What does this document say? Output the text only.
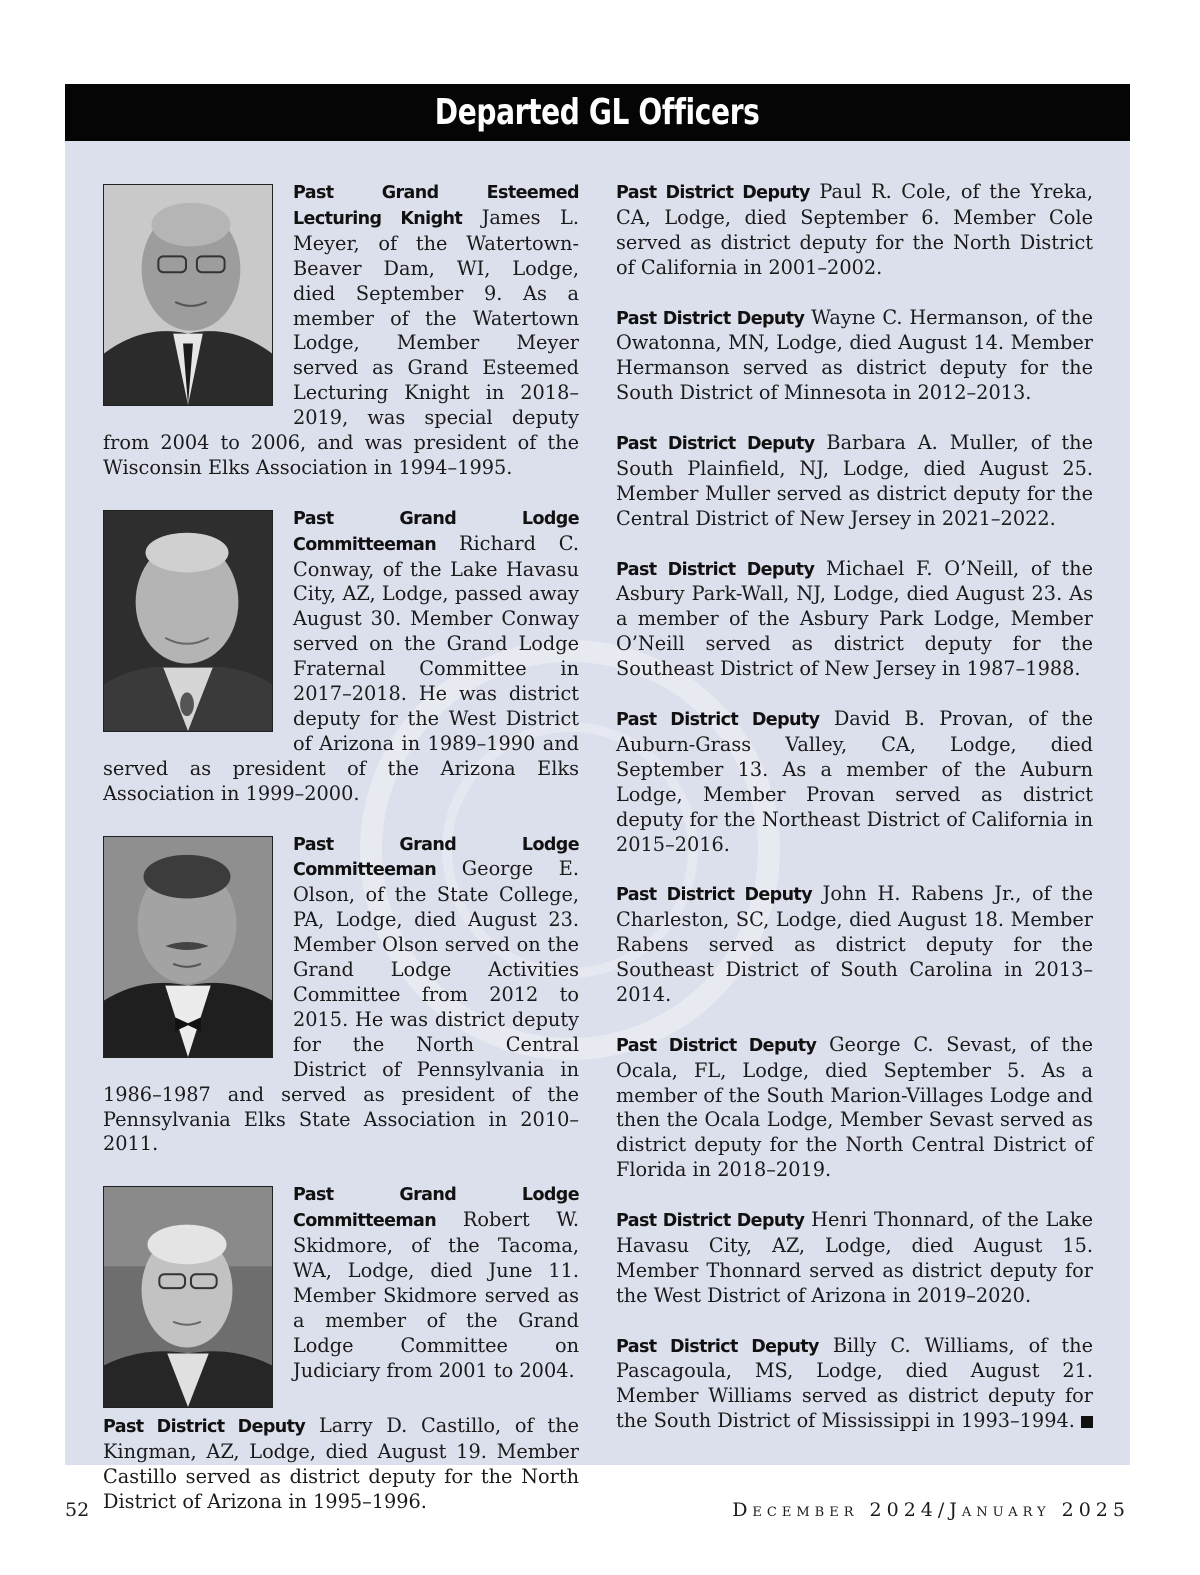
Departed GL Officers

Past Grand Esteemed Lecturing Knight James L. Meyer, of the Watertown-Beaver Dam, WI, Lodge, died September 9. As a member of the Watertown Lodge, Member Meyer served as Grand Esteemed Lecturing Knight in 2018–2019, was special deputy from 2004 to 2006, and was president of the Wisconsin Elks Association in 1994–1995.

Past Grand Lodge Committeeman Richard C. Conway, of the Lake Havasu City, AZ, Lodge, passed away August 30. Member Conway served on the Grand Lodge Fraternal Committee in 2017–2018. He was district deputy for the West District of Arizona in 1989–1990 and served as president of the Arizona Elks Association in 1999–2000.

Past Grand Lodge Committeeman George E. Olson, of the State College, PA, Lodge, died August 23. Member Olson served on the Grand Lodge Activities Committee from 2012 to 2015. He was district deputy for the North Central District of Pennsylvania in 1986–1987 and served as president of the Pennsylvania Elks State Association in 2010–2011.

Past Grand Lodge Committeeman Robert W. Skidmore, of the Tacoma, WA, Lodge, died June 11. Member Skidmore served as a member of the Grand Lodge Committee on Judiciary from 2001 to 2004.

Past District Deputy Larry D. Castillo, of the Kingman, AZ, Lodge, died August 19. Member Castillo served as district deputy for the North District of Arizona in 1995–1996.

Past District Deputy Paul R. Cole, of the Yreka, CA, Lodge, died September 6. Member Cole served as district deputy for the North District of California in 2001–2002.

Past District Deputy Wayne C. Hermanson, of the Owatonna, MN, Lodge, died August 14. Member Hermanson served as district deputy for the South District of Minnesota in 2012–2013.

Past District Deputy Barbara A. Muller, of the South Plainfield, NJ, Lodge, died August 25. Member Muller served as district deputy for the Central District of New Jersey in 2021–2022.

Past District Deputy Michael F. O’Neill, of the Asbury Park-Wall, NJ, Lodge, died August 23. As a member of the Asbury Park Lodge, Member O’Neill served as district deputy for the Southeast District of New Jersey in 1987–1988.

Past District Deputy David B. Provan, of the Auburn-Grass Valley, CA, Lodge, died September 13. As a member of the Auburn Lodge, Member Provan served as district deputy for the Northeast District of California in 2015–2016.

Past District Deputy John H. Rabens Jr., of the Charleston, SC, Lodge, died August 18. Member Rabens served as district deputy for the Southeast District of South Carolina in 2013–2014.

Past District Deputy George C. Sevast, of the Ocala, FL, Lodge, died September 5. As a member of the South Marion-Villages Lodge and then the Ocala Lodge, Member Sevast served as district deputy for the North Central District of Florida in 2018–2019.

Past District Deputy Henri Thonnard, of the Lake Havasu City, AZ, Lodge, died August 15. Member Thonnard served as district deputy for the West District of Arizona in 2019–2020.

Past District Deputy Billy C. Williams, of the Pascagoula, MS, Lodge, died August 21. Member Williams served as district deputy for the South District of Mississippi in 1993–1994.

52	December 2024/January 2025
